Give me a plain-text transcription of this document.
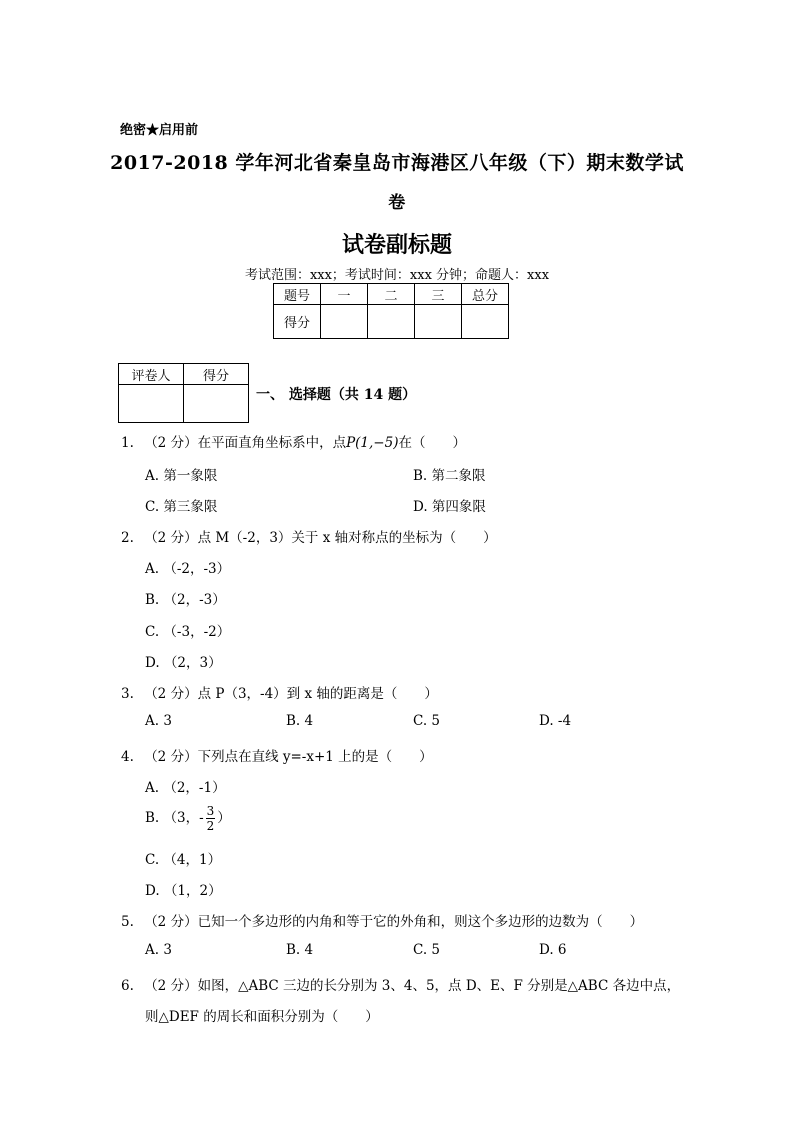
绝密★启用前
2017-2018 学年河北省秦皇岛市海港区八年级（下）期末数学试
卷
试卷副标题
考试范围：xxx；考试时间：xxx 分钟；命题人：xxx
题号	一	二	三	总分
得分				
评卷人	得分

一、 选择题（共 14 题）
1. （2 分）在平面直角坐标系中，点P(1,−5)在（　　）
A. 第一象限	B. 第二象限
C. 第三象限	D. 第四象限
2. （2 分）点 M（-2，3）关于 x 轴对称点的坐标为（　　）
A. （-2，-3）
B. （2，-3）
C. （-3，-2）
D. （2，3）
3. （2 分）点 P（3，-4）到 x 轴的距离是（　　）
A. 3	B. 4	C. 5	D. -4
4. （2 分）下列点在直线 y=-x+1 上的是（　　）
A. （2，-1）
B. （3，- $\frac{3}{2}$ ）
C. （4，1）
D. （1，2）
5. （2 分）已知一个多边形的内角和等于它的外角和，则这个多边形的边数为（　　）
A. 3	B. 4	C. 5	D. 6
6. （2 分）如图，△ABC 三边的长分别为 3、4、5，点 D、E、F 分别是△ABC 各边中点，
则△DEF 的周长和面积分别为（　　）
